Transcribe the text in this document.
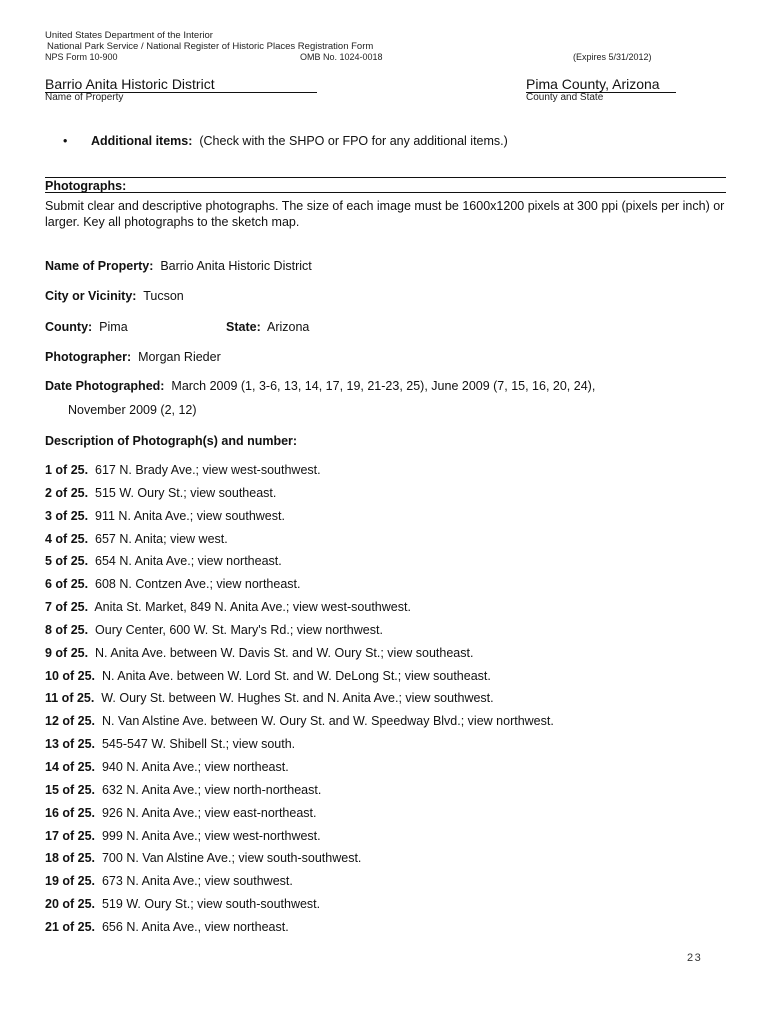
United States Department of the Interior
National Park Service / National Register of Historic Places Registration Form
NPS Form 10-900	OMB No. 1024-0018	(Expires 5/31/2012)
Barrio Anita Historic District
Name of Property
Pima County, Arizona
County and State
• Additional items: (Check with the SHPO or FPO for any additional items.)
Photographs:
Submit clear and descriptive photographs. The size of each image must be 1600x1200 pixels at 300 ppi (pixels per inch) or larger. Key all photographs to the sketch map.
Name of Property: Barrio Anita Historic District
City or Vicinity: Tucson
County: Pima	State: Arizona
Photographer: Morgan Rieder
Date Photographed: March 2009 (1, 3-6, 13, 14, 17, 19, 21-23, 25), June 2009 (7, 15, 16, 20, 24),
November 2009 (2, 12)
Description of Photograph(s) and number:
1 of 25. 617 N. Brady Ave.; view west-southwest.
2 of 25. 515 W. Oury St.; view southeast.
3 of 25. 911 N. Anita Ave.; view southwest.
4 of 25. 657 N. Anita; view west.
5 of 25. 654 N. Anita Ave.; view northeast.
6 of 25. 608 N. Contzen Ave.; view northeast.
7 of 25. Anita St. Market, 849 N. Anita Ave.; view west-southwest.
8 of 25. Oury Center, 600 W. St. Mary's Rd.; view northwest.
9 of 25. N. Anita Ave. between W. Davis St. and W. Oury St.; view southeast.
10 of 25. N. Anita Ave. between W. Lord St. and W. DeLong St.; view southeast.
11 of 25. W. Oury St. between W. Hughes St. and N. Anita Ave.; view southwest.
12 of 25. N. Van Alstine Ave. between W. Oury St. and W. Speedway Blvd.; view northwest.
13 of 25. 545-547 W. Shibell St.; view south.
14 of 25. 940 N. Anita Ave.; view northeast.
15 of 25. 632 N. Anita Ave.; view north-northeast.
16 of 25. 926 N. Anita Ave.; view east-northeast.
17 of 25. 999 N. Anita Ave.; view west-northwest.
18 of 25. 700 N. Van Alstine Ave.; view south-southwest.
19 of 25. 673 N. Anita Ave.; view southwest.
20 of 25. 519 W. Oury St.; view south-southwest.
21 of 25. 656 N. Anita Ave., view northeast.
23
